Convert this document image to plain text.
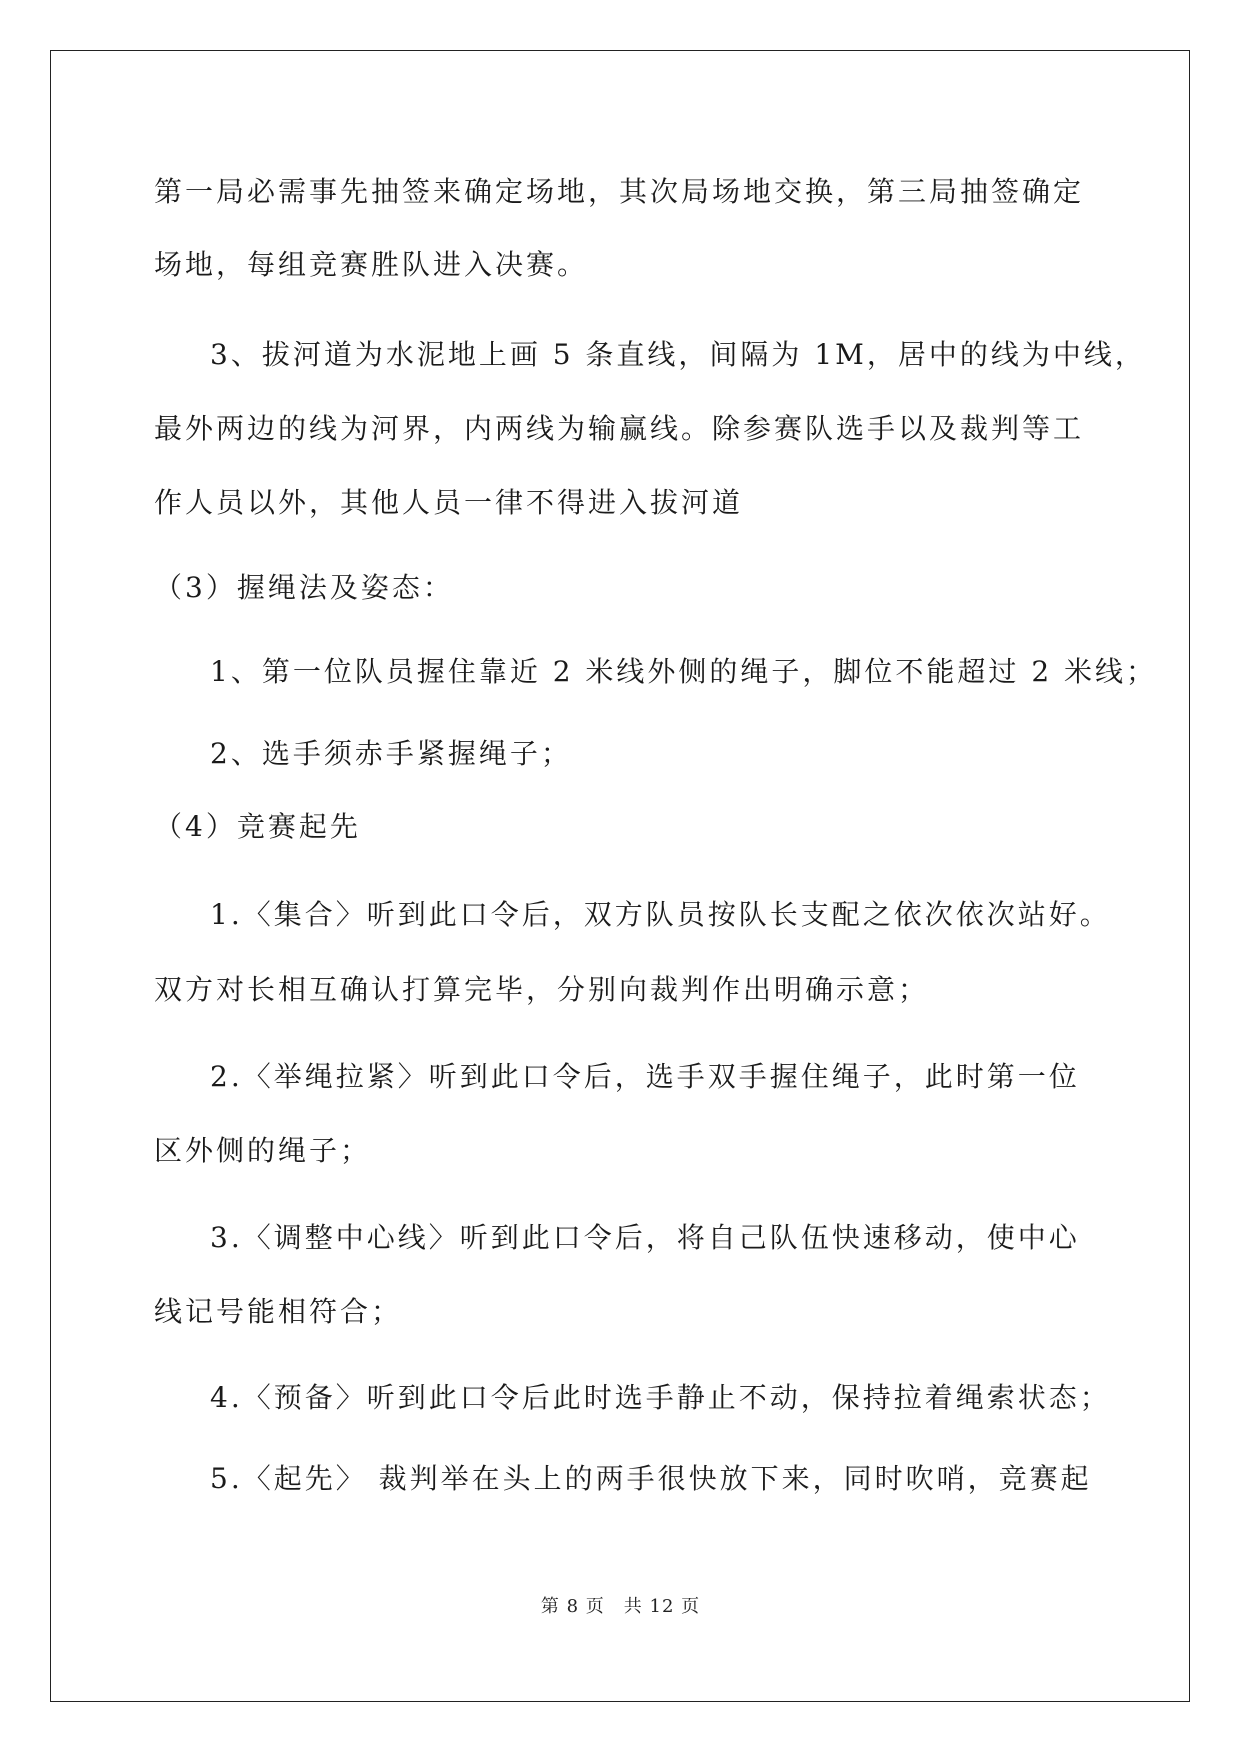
第一局必需事先抽签来确定场地，其次局场地交换，第三局抽签确定
场地，每组竞赛胜队进入决赛。
3、拔河道为水泥地上画 5 条直线，间隔为 1M，居中的线为中线，
最外两边的线为河界，内两线为输赢线。除参赛队选手以及裁判等工
作人员以外，其他人员一律不得进入拔河道
（3）握绳法及姿态：
1、第一位队员握住靠近 2 米线外侧的绳子，脚位不能超过 2 米线；
2、选手须赤手紧握绳子；
（4）竞赛起先
1.〈集合〉听到此口令后，双方队员按队长支配之依次依次站好。
双方对长相互确认打算完毕，分别向裁判作出明确示意；
2.〈举绳拉紧〉听到此口令后，选手双手握住绳子，此时第一位
区外侧的绳子；
3.〈调整中心线〉听到此口令后，将自己队伍快速移动，使中心
线记号能相符合；
4.〈预备〉听到此口令后此时选手静止不动，保持拉着绳索状态；
5.〈起先〉 裁判举在头上的两手很快放下来，同时吹哨，竞赛起
第 8 页　共 12 页
